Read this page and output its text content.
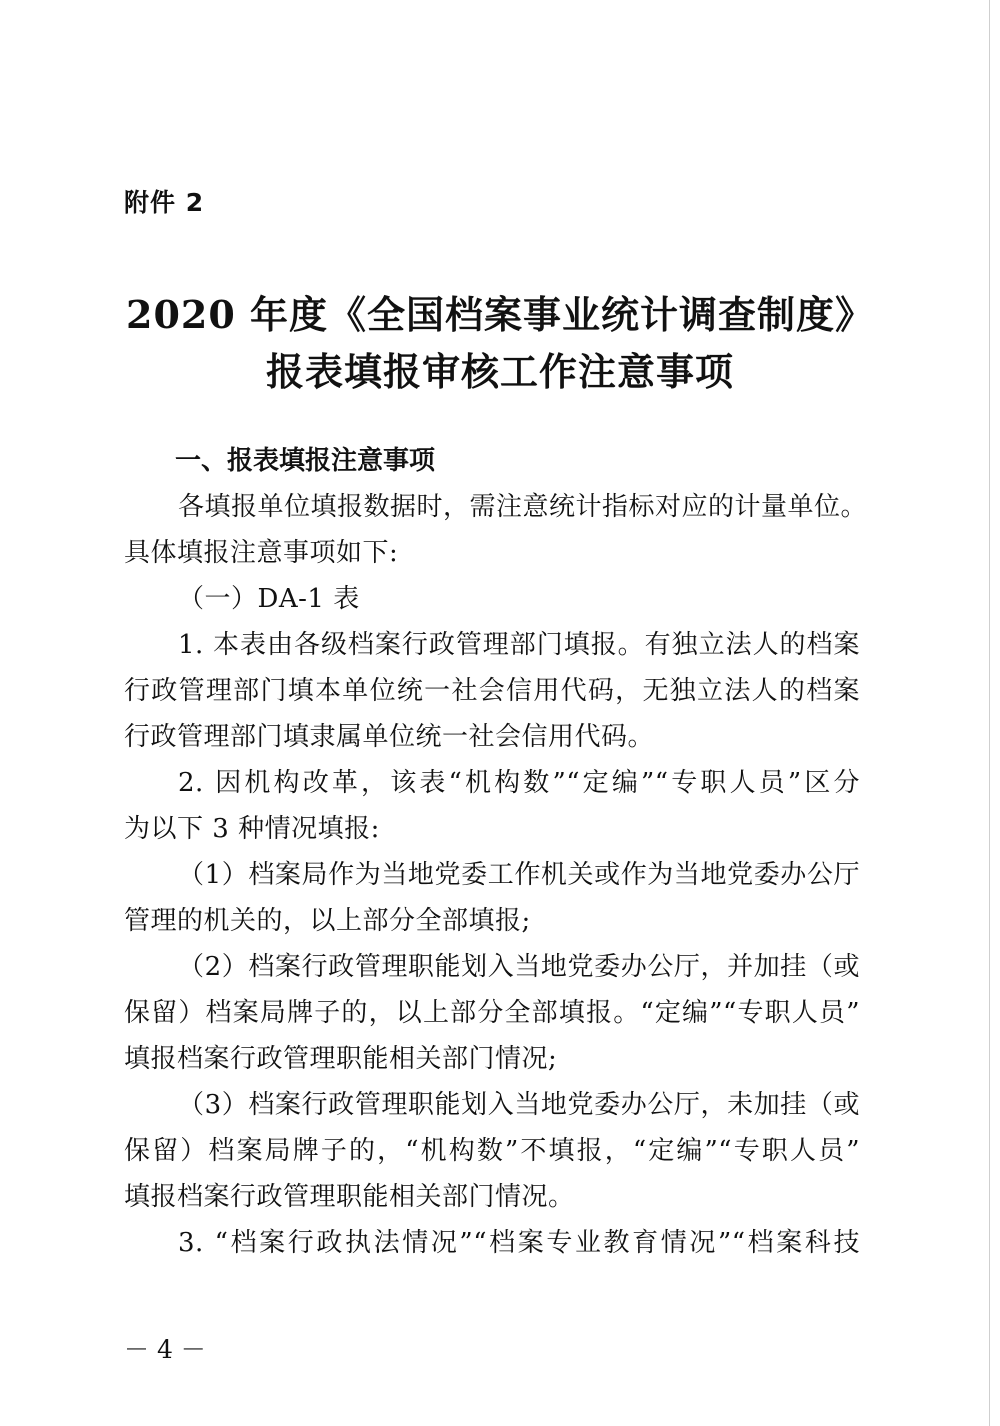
附件 2
2020 年度《全国档案事业统计调查制度》
报表填报审核工作注意事项
一、报表填报注意事项
各填报单位填报数据时，需注意统计指标对应的计量单位。
具体填报注意事项如下:
（一）DA-1 表
1. 本表由各级档案行政管理部门填报。有独立法人的档案
行政管理部门填本单位统一社会信用代码，无独立法人的档案
行政管理部门填隶属单位统一社会信用代码。
2. 因机构改革，该表“机构数”“定编”“专职人员”区分
为以下 3 种情况填报:
（1）档案局作为当地党委工作机关或作为当地党委办公厅
管理的机关的，以上部分全部填报;
（2）档案行政管理职能划入当地党委办公厅，并加挂（或
保留）档案局牌子的，以上部分全部填报。“定编”“专职人员”
填报档案行政管理职能相关部门情况;
（3）档案行政管理职能划入当地党委办公厅，未加挂（或
保留）档案局牌子的，“机构数”不填报，“定编”“专职人员”
填报档案行政管理职能相关部门情况。
3. “档案行政执法情况”“档案专业教育情况”“档案科技
－ 4 －
